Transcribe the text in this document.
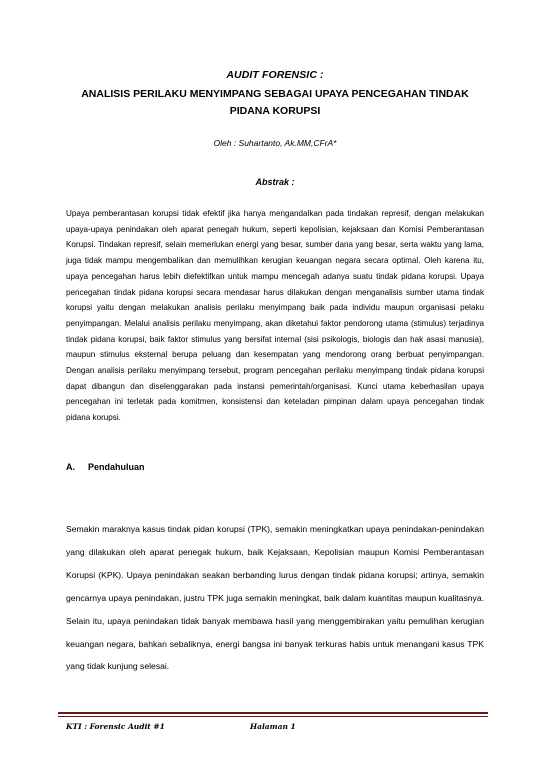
AUDIT FORENSIC :
ANALISIS PERILAKU MENYIMPANG SEBAGAI UPAYA PENCEGAHAN TINDAK PIDANA KORUPSI
Oleh : Suhartanto, Ak.MM,CFrA*
Abstrak :

Upaya pemberantasan korupsi tidak efektif jika hanya mengandalkan pada tindakan represif, dengan melakukan upaya-upaya penindakan oleh aparat penegah hukum, seperti kepolisian, kejaksaan dan Komisi Pemberantasan Korupsi. Tindakan represif, selain memerlukan energi yang besar, sumber dana yang besar, serta waktu yang lama, juga tidak mampu mengembalikan dan memulihkan kerugian keuangan negara secara optimal. Oleh karena itu, upaya pencegahan harus lebih diefektifkan untuk mampu mencegah adanya suatu tindak pidana korupsi. Upaya pencegahan tindak pidana korupsi secara mendasar harus dilakukan dengan menganalisis sumber utama tindak korupsi yaitu dengan melakukan analisis perilaku menyimpang baik pada individu maupun organisasi pelaku penyimpangan. Melalui analisis perilaku menyimpang, akan diketahui faktor pendorong utama (stimulus) terjadinya tindak pidana korupsi, baik faktor stimulus yang bersifat internal (sisi psikologis, biologis dan hak asasi manusia), maupun stimulus eksternal berupa peluang dan kesempatan yang mendorong orang berbuat penyimpangan. Dengan analisis perilaku menyimpang tersebut, program pencegahan perilaku menyimpang tindak pidana korupsi dapat dibangun dan diselenggarakan pada instansi pemerintah/organisasi. Kunci utama keberhasilan upaya pencegahan ini terletak pada komitmen, konsistensi dan keteladan pimpinan dalam upaya pencegahan tindak pidana korupsi.

A. Pendahuluan

Semakin maraknya kasus tindak pidan korupsi (TPK), semakin meningkatkan upaya penindakan-penindakan yang dilakukan oleh aparat penegak hukum, baik Kejaksaan, Kepolisian maupun Komisi Pemberantasan Korupsi (KPK). Upaya penindakan seakan berbanding lurus dengan tindak pidana korupsi; artinya, semakin gencarnya upaya penindakan, justru TPK juga semakin meningkat, baik dalam kuantitas maupun kualitasnya. Selain itu, upaya penindakan tidak banyak membawa hasil yang menggembirakan yaitu pemulihan kerugian keuangan negara, bahkan sebaliknya, energi bangsa ini banyak terkuras habis untuk menangani kasus TPK yang tidak kunjung selesai.

KTI : Forensic Audit #1	Halaman 1
